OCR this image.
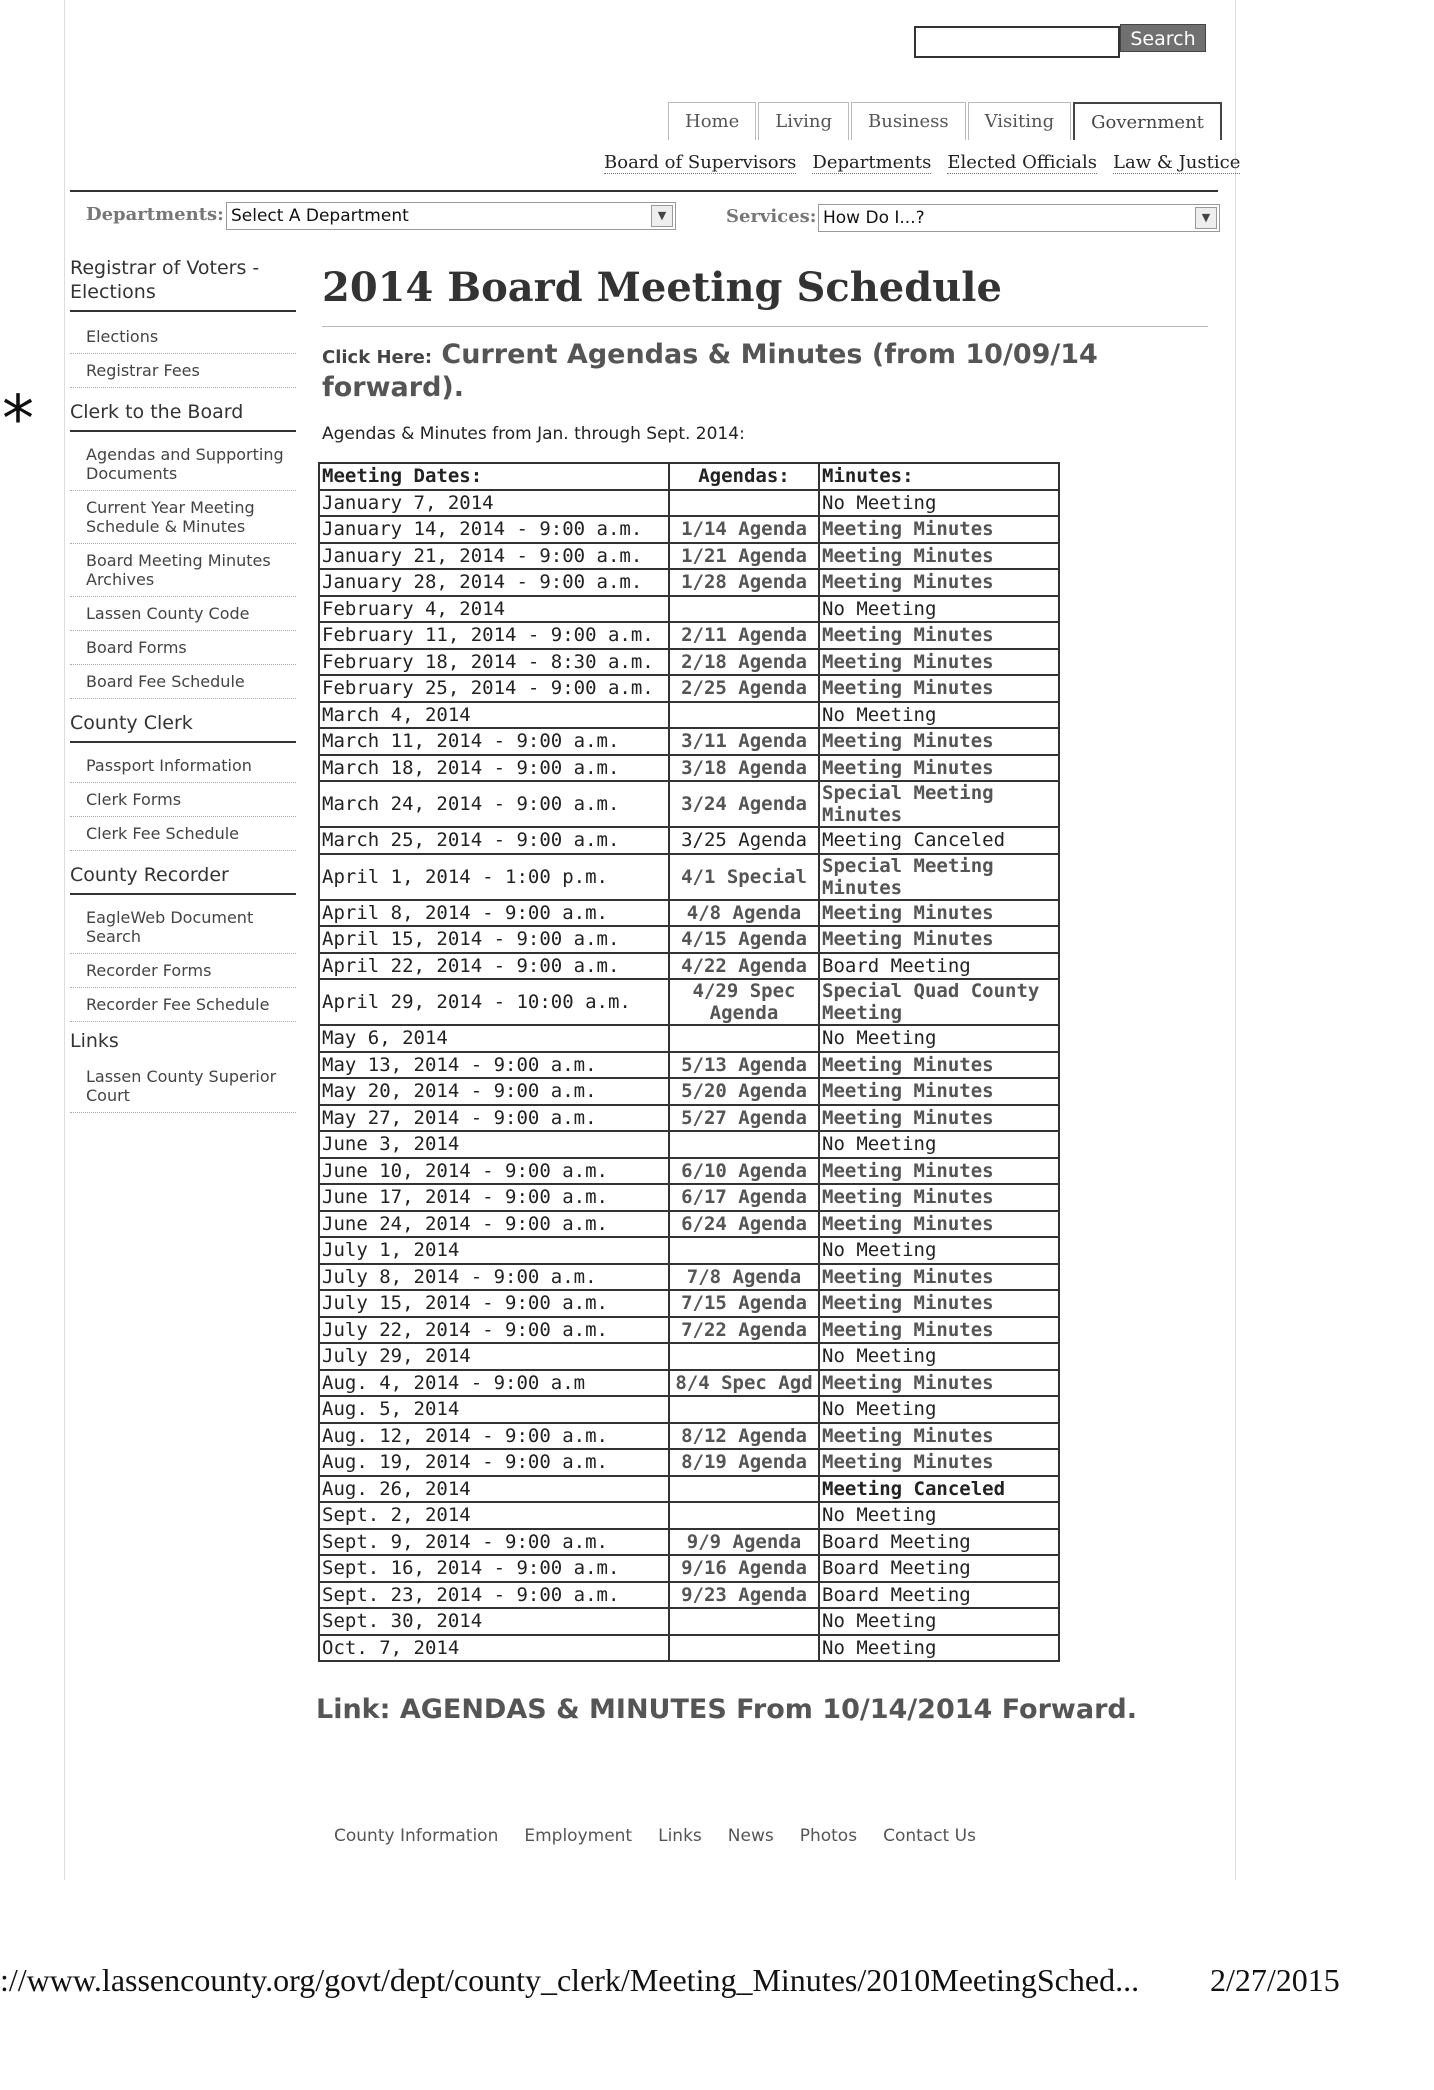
Search
Home	Living	Business	Visiting	Government
Board of Supervisors Departments Elected Officials Law & Justice
Departments: Select A Department	▼	Services: How Do I...?	▼
Registrar of Voters - Elections
Elections
Registrar Fees
Clerk to the Board
Agendas and Supporting Documents
Current Year Meeting Schedule & Minutes
Board Meeting Minutes Archives
Lassen County Code
Board Forms
Board Fee Schedule
County Clerk
Passport Information
Clerk Forms
Clerk Fee Schedule
County Recorder
EagleWeb Document Search
Recorder Forms
Recorder Fee Schedule
Links
Lassen County Superior Court
*
2014 Board Meeting Schedule
Click Here: Current Agendas & Minutes (from 10/09/14 forward).
Agendas & Minutes from Jan. through Sept. 2014:
Meeting Dates:	Agendas:	Minutes:
January 7, 2014		No Meeting
January 14, 2014 - 9:00 a.m.	1/14 Agenda	Meeting Minutes
January 21, 2014 - 9:00 a.m.	1/21 Agenda	Meeting Minutes
January 28, 2014 - 9:00 a.m.	1/28 Agenda	Meeting Minutes
February 4, 2014		No Meeting
February 11, 2014 - 9:00 a.m.	2/11 Agenda	Meeting Minutes
February 18, 2014 - 8:30 a.m.	2/18 Agenda	Meeting Minutes
February 25, 2014 - 9:00 a.m.	2/25 Agenda	Meeting Minutes
March 4, 2014		No Meeting
March 11, 2014 - 9:00 a.m.	3/11 Agenda	Meeting Minutes
March 18, 2014 - 9:00 a.m.	3/18 Agenda	Meeting Minutes
March 24, 2014 - 9:00 a.m.	3/24 Agenda	Special Meeting Minutes
March 25, 2014 - 9:00 a.m.	3/25 Agenda	Meeting Canceled
April 1, 2014 - 1:00 p.m.	4/1 Special	Special Meeting Minutes
April 8, 2014 - 9:00 a.m.	4/8 Agenda	Meeting Minutes
April 15, 2014 - 9:00 a.m.	4/15 Agenda	Meeting Minutes
April 22, 2014 - 9:00 a.m.	4/22 Agenda	Board Meeting
April 29, 2014 - 10:00 a.m.	4/29 Spec Agenda	Special Quad County Meeting
May 6, 2014		No Meeting
May 13, 2014 - 9:00 a.m.	5/13 Agenda	Meeting Minutes
May 20, 2014 - 9:00 a.m.	5/20 Agenda	Meeting Minutes
May 27, 2014 - 9:00 a.m.	5/27 Agenda	Meeting Minutes
June 3, 2014		No Meeting
June 10, 2014 - 9:00 a.m.	6/10 Agenda	Meeting Minutes
June 17, 2014 - 9:00 a.m.	6/17 Agenda	Meeting Minutes
June 24, 2014 - 9:00 a.m.	6/24 Agenda	Meeting Minutes
July 1, 2014		No Meeting
July 8, 2014 - 9:00 a.m.	7/8 Agenda	Meeting Minutes
July 15, 2014 - 9:00 a.m.	7/15 Agenda	Meeting Minutes
July 22, 2014 - 9:00 a.m.	7/22 Agenda	Meeting Minutes
July 29, 2014		No Meeting
Aug. 4, 2014 - 9:00 a.m	8/4 Spec Agd	Meeting Minutes
Aug. 5, 2014		No Meeting
Aug. 12, 2014 - 9:00 a.m.	8/12 Agenda	Meeting Minutes
Aug. 19, 2014 - 9:00 a.m.	8/19 Agenda	Meeting Minutes
Aug. 26, 2014		Meeting Canceled
Sept. 2, 2014		No Meeting
Sept. 9, 2014 - 9:00 a.m.	9/9 Agenda	Board Meeting
Sept. 16, 2014 - 9:00 a.m.	9/16 Agenda	Board Meeting
Sept. 23, 2014 - 9:00 a.m.	9/23 Agenda	Board Meeting
Sept. 30, 2014		No Meeting
Oct. 7, 2014		No Meeting
Link: AGENDAS & MINUTES From 10/14/2014 Forward.
County Information Employment Links News Photos Contact Us
://www.lassencounty.org/govt/dept/county_clerk/Meeting_Minutes/2010MeetingSched... 2/27/2015
